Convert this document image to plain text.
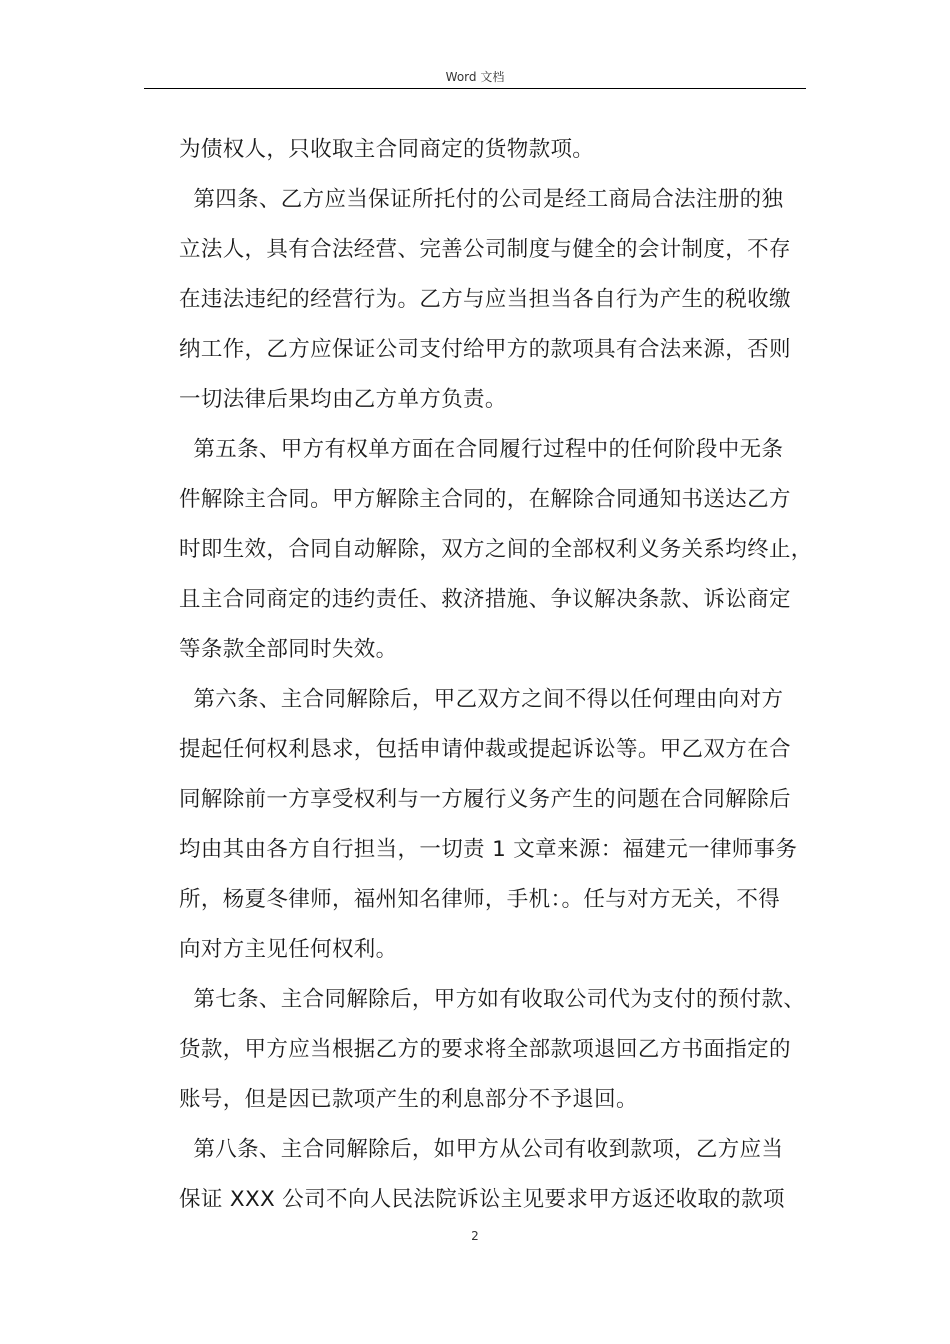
Word 文档

为债权人，只收取主合同商定的货物款项。

第四条、乙方应当保证所托付的公司是经工商局合法注册的独

立法人，具有合法经营、完善公司制度与健全的会计制度，不存

在违法违纪的经营行为。乙方与应当担当各自行为产生的税收缴

纳工作，乙方应保证公司支付给甲方的款项具有合法来源，否则

一切法律后果均由乙方单方负责。

第五条、甲方有权单方面在合同履行过程中的任何阶段中无条

件解除主合同。甲方解除主合同的，在解除合同通知书送达乙方

时即生效，合同自动解除，双方之间的全部权利义务关系均终止，

且主合同商定的违约责任、救济措施、争议解决条款、诉讼商定

等条款全部同时失效。

第六条、主合同解除后，甲乙双方之间不得以任何理由向对方

提起任何权利恳求，包括申请仲裁或提起诉讼等。甲乙双方在合

同解除前一方享受权利与一方履行义务产生的问题在合同解除后

均由其由各方自行担当，一切责 1 文章来源：福建元一律师事务

所，杨夏冬律师，福州知名律师，手机：。任与对方无关，不得

向对方主见任何权利。

第七条、主合同解除后，甲方如有收取公司代为支付的预付款、

货款，甲方应当根据乙方的要求将全部款项退回乙方书面指定的

账号，但是因已款项产生的利息部分不予退回。

第八条、主合同解除后，如甲方从公司有收到款项，乙方应当

保证 XXX 公司不向人民法院诉讼主见要求甲方返还收取的款项

2
